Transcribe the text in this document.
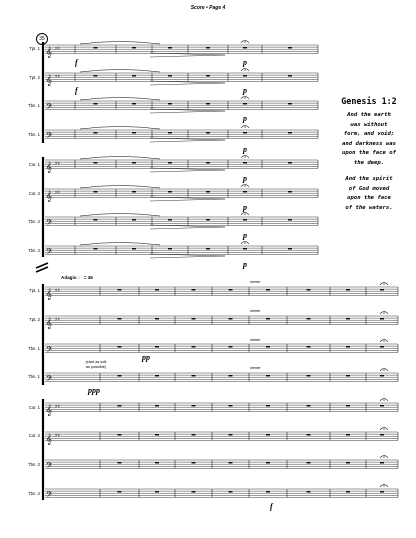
Score • Page 4
35
Tpt. 1
Tpt. 2
Tbn. 1
Tbn. 1
Cor. 1
Cor. 2
Tbn. 2
Tbn. 2
Tpt. 1
Tpt. 2
Tbn. 1
Tbn. 1
Cor. 1
Cor. 2
Tbn. 2
Tbn. 2
𝄞 ♯♯
𝄞 ♯♯
𝄢
𝄢
𝄞 ♯♯
𝄞 ♯♯
𝄢
𝄢
𝄞 ♯♯
𝄞 ♯♯
𝄢
𝄢
𝄞 ♯♯
𝄞 ♯♯
𝄢
𝄢
Adagio ♩ = 46
f
f
p
p
p
p
p
p
p
p
pp
ppp
f
niente
niente
niente
niente
(start as soft
as possible)
Genesis 1:2
And the earth
was without
form, and void;
and darkness was
upon the face of
the deep.
And the spirit
of God moved
upon the face
of the waters.
